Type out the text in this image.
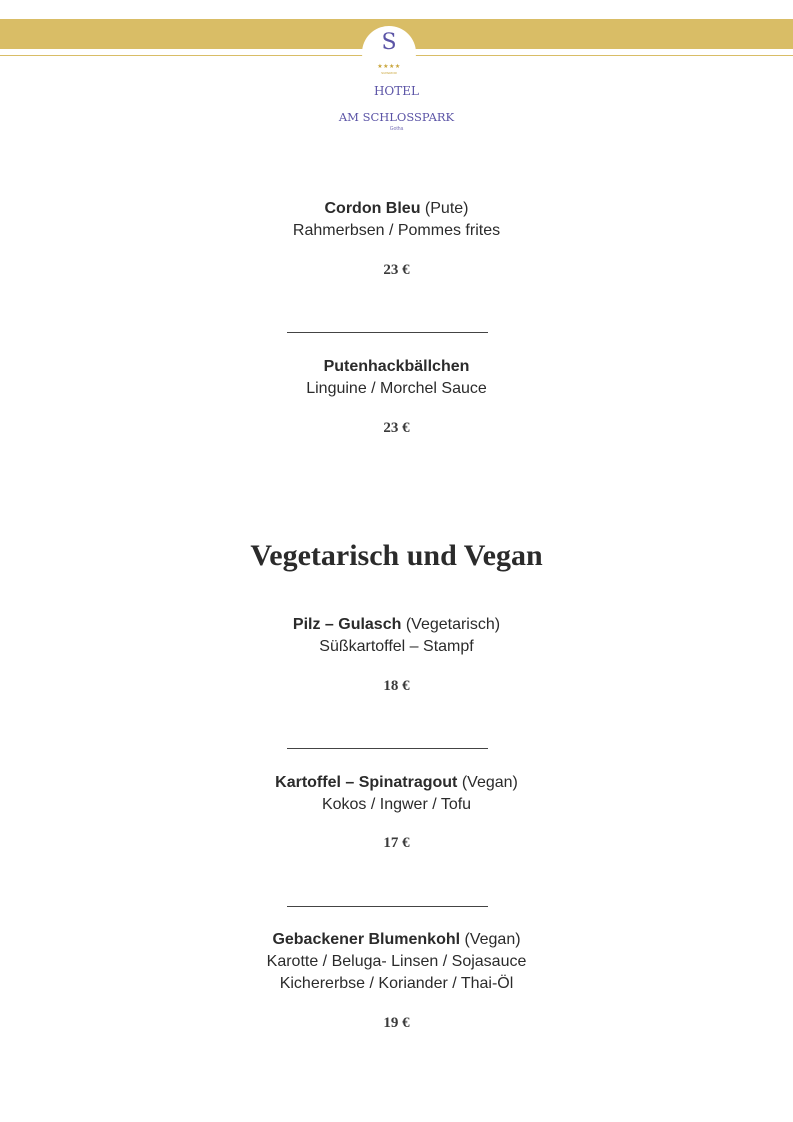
S
★★★★
SUPERIOR
HOTEL
AM SCHLOSSPARK
Gotha
Cordon Bleu (Pute)
Rahmerbsen / Pommes frites
23 €
Putenhackbällchen
Linguine / Morchel Sauce
23 €
Vegetarisch und Vegan
Pilz – Gulasch (Vegetarisch)
Süßkartoffel – Stampf
18 €
Kartoffel – Spinatragout (Vegan)
Kokos / Ingwer / Tofu
17 €
Gebackener Blumenkohl (Vegan)
Karotte / Beluga- Linsen / Sojasauce
Kichererbse / Koriander / Thai-Öl
19 €
